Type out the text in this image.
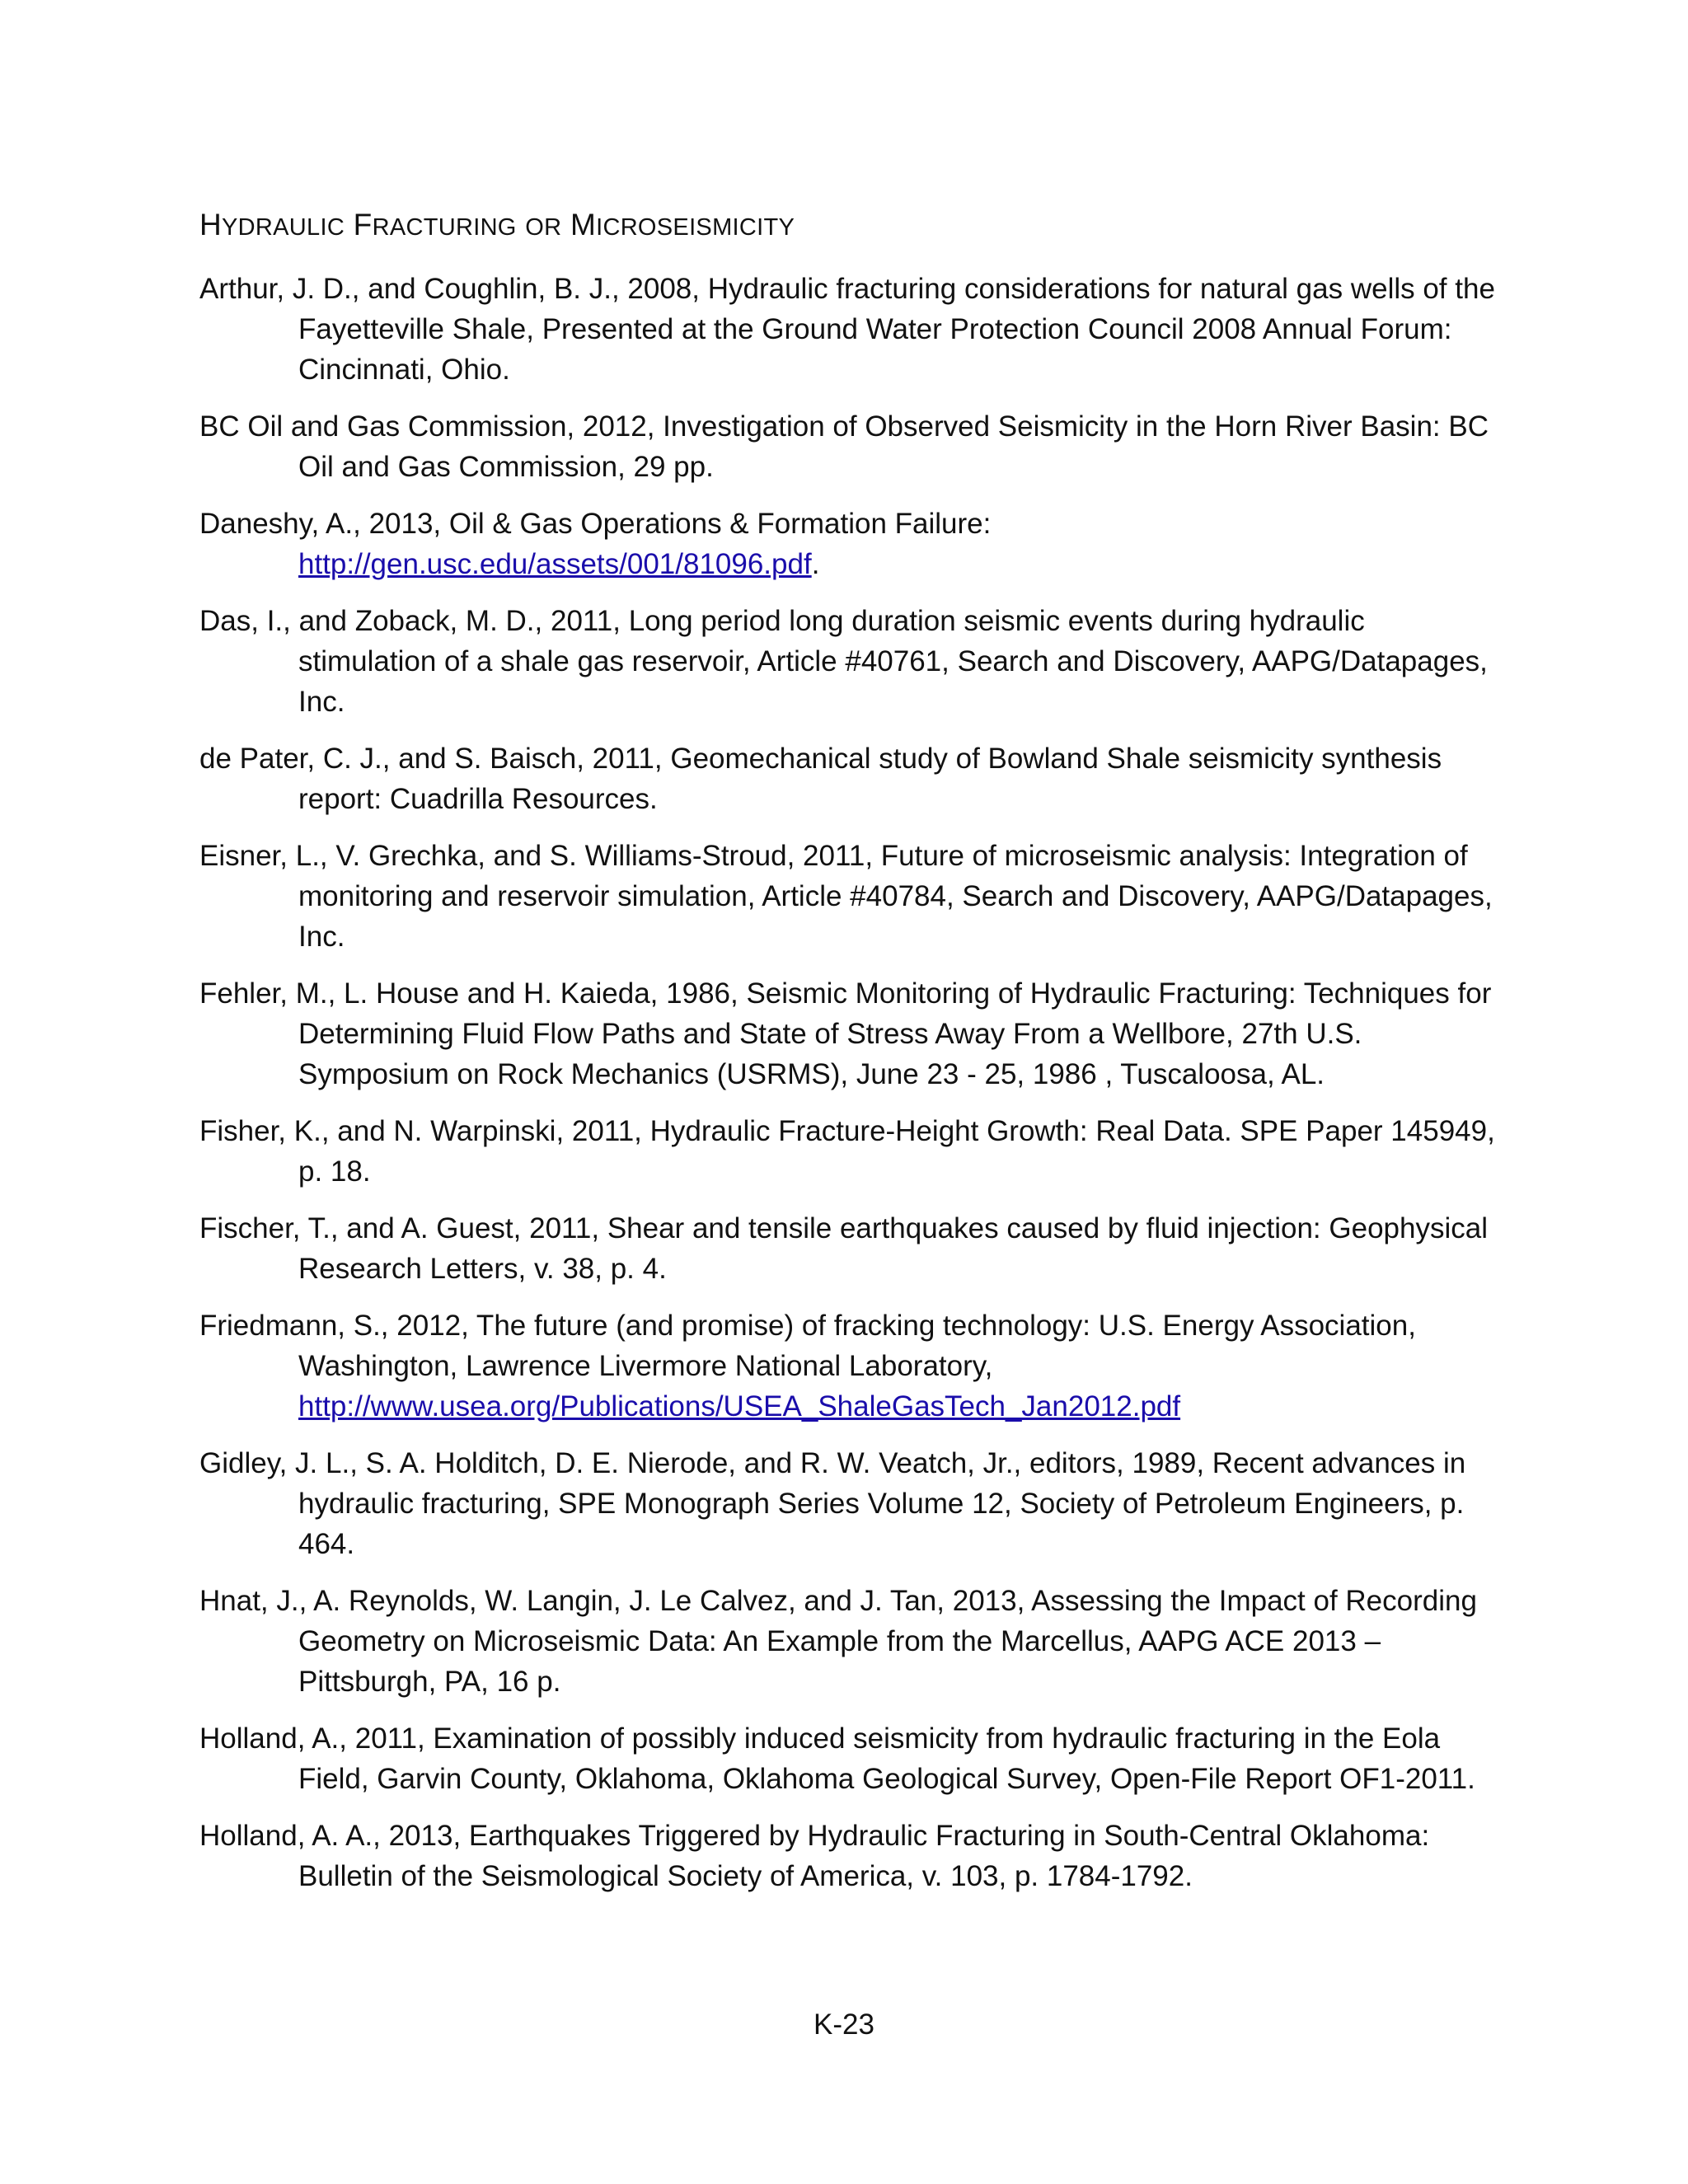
HYDRAULIC FRACTURING OR MICROSEISMICITY
Arthur, J. D., and Coughlin, B. J., 2008, Hydraulic fracturing considerations for natural gas wells of the Fayetteville Shale, Presented at the Ground Water Protection Council 2008 Annual Forum: Cincinnati, Ohio.
BC Oil and Gas Commission, 2012, Investigation of Observed Seismicity in the Horn River Basin: BC Oil and Gas Commission, 29 pp.
Daneshy, A., 2013, Oil & Gas Operations & Formation Failure: http://gen.usc.edu/assets/001/81096.pdf.
Das, I., and Zoback, M. D., 2011, Long period long duration seismic events during hydraulic stimulation of a shale gas reservoir, Article #40761, Search and Discovery, AAPG/Datapages, Inc.
de Pater, C. J., and S. Baisch, 2011, Geomechanical study of Bowland Shale seismicity synthesis report: Cuadrilla Resources.
Eisner, L., V. Grechka, and S. Williams-Stroud, 2011, Future of microseismic analysis: Integration of monitoring and reservoir simulation, Article #40784, Search and Discovery, AAPG/Datapages, Inc.
Fehler, M., L. House and H. Kaieda, 1986, Seismic Monitoring of Hydraulic Fracturing: Techniques for Determining Fluid Flow Paths and State of Stress Away From a Wellbore, 27th U.S. Symposium on Rock Mechanics (USRMS), June 23 - 25, 1986 , Tuscaloosa, AL.
Fisher, K., and N. Warpinski, 2011, Hydraulic Fracture-Height Growth: Real Data. SPE Paper 145949, p. 18.
Fischer, T., and A. Guest, 2011, Shear and tensile earthquakes caused by fluid injection: Geophysical Research Letters, v. 38, p. 4.
Friedmann, S., 2012, The future (and promise) of fracking technology: U.S. Energy Association, Washington, Lawrence Livermore National Laboratory, http://www.usea.org/Publications/USEA_ShaleGasTech_Jan2012.pdf
Gidley, J. L., S. A. Holditch, D. E. Nierode, and R. W. Veatch, Jr., editors, 1989, Recent advances in hydraulic fracturing, SPE Monograph Series Volume 12, Society of Petroleum Engineers, p. 464.
Hnat, J., A. Reynolds, W. Langin, J. Le Calvez, and J. Tan, 2013, Assessing the Impact of Recording Geometry on Microseismic Data: An Example from the Marcellus, AAPG ACE 2013 – Pittsburgh, PA, 16 p.
Holland, A., 2011, Examination of possibly induced seismicity from hydraulic fracturing in the Eola Field, Garvin County, Oklahoma, Oklahoma Geological Survey, Open-File Report OF1-2011.
Holland, A. A., 2013, Earthquakes Triggered by Hydraulic Fracturing in South-Central Oklahoma: Bulletin of the Seismological Society of America, v. 103, p. 1784-1792.
K-23
